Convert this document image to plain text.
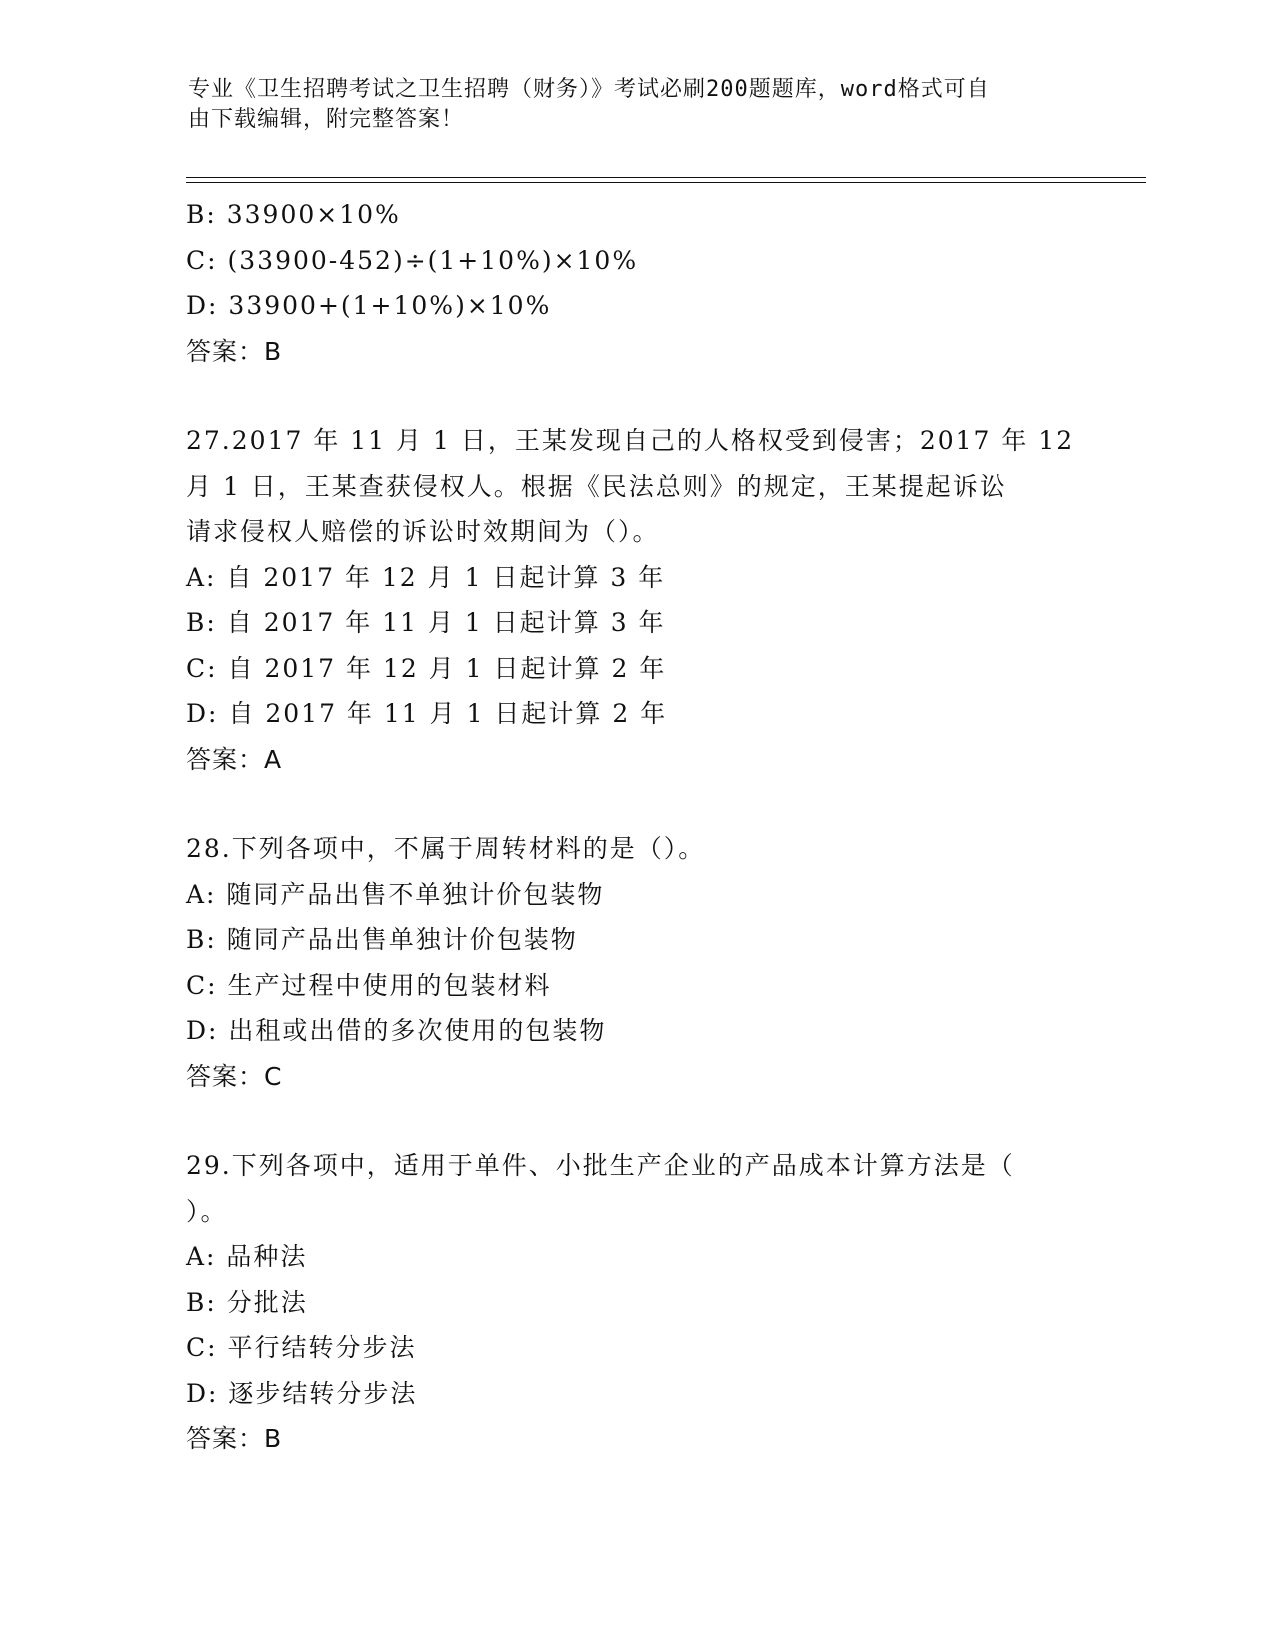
专业《卫生招聘考试之卫生招聘（财务）》考试必刷200题题库，word格式可自
由下载编辑，附完整答案！
B: 33900×10%
C: (33900-452)÷(1+10%)×10%
D: 33900+(1+10%)×10%
答案：B
27.2017 年 11 月 1 日，王某发现自己的人格权受到侵害；2017 年 12
月 1 日，王某查获侵权人。根据《民法总则》的规定，王某提起诉讼
请求侵权人赔偿的诉讼时效期间为（）。
A: 自 2017 年 12 月 1 日起计算 3 年
B: 自 2017 年 11 月 1 日起计算 3 年
C: 自 2017 年 12 月 1 日起计算 2 年
D: 自 2017 年 11 月 1 日起计算 2 年
答案：A
28.下列各项中，不属于周转材料的是（）。
A: 随同产品出售不单独计价包装物
B: 随同产品出售单独计价包装物
C: 生产过程中使用的包装材料
D: 出租或出借的多次使用的包装物
答案：C
29.下列各项中，适用于单件、小批生产企业的产品成本计算方法是（
）。
A: 品种法
B: 分批法
C: 平行结转分步法
D: 逐步结转分步法
答案：B
